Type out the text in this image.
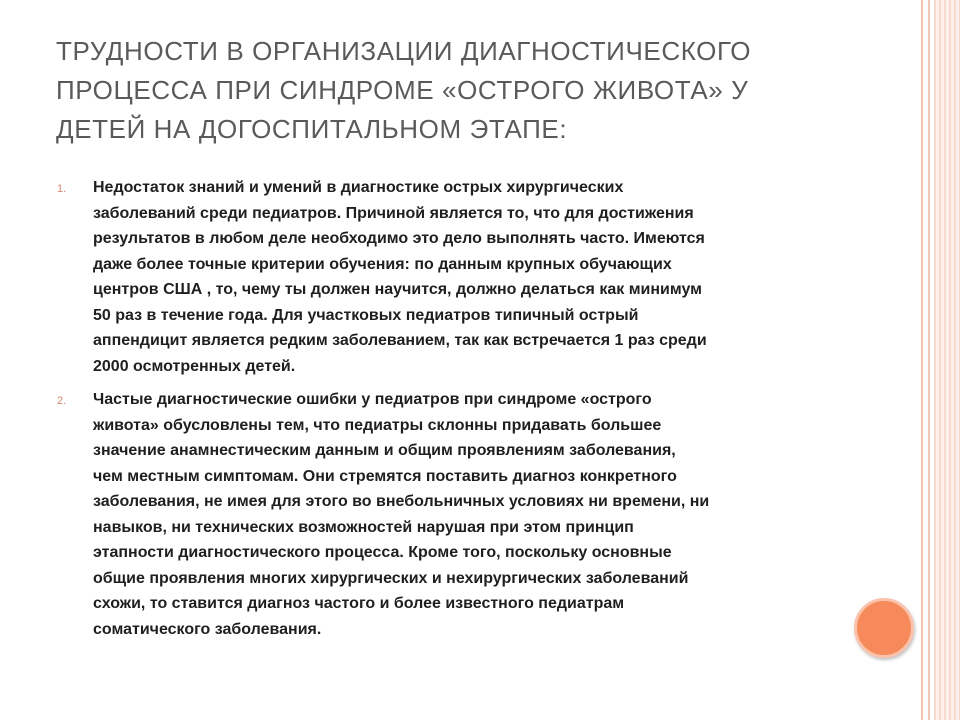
ТРУДНОСТИ В ОРГАНИЗАЦИИ ДИАГНОСТИЧЕСКОГО
ПРОЦЕССА ПРИ СИНДРОМЕ «ОСТРОГО ЖИВОТА» У
ДЕТЕЙ НА ДОГОСПИТАЛЬНОМ ЭТАПЕ:
1. Недостаток знаний и умений в диагностике острых хирургических
заболеваний среди педиатров. Причиной является то, что для достижения
результатов в любом деле необходимо это дело выполнять часто. Имеются
даже более точные критерии обучения: по данным крупных обучающих
центров США , то, чему ты должен научится, должно делаться как минимум
50 раз в течение года. Для участковых педиатров типичный острый
аппендицит является редким заболеванием, так как встречается 1 раз среди
2000 осмотренных детей.
2. Частые диагностические ошибки у педиатров при синдроме «острого
живота» обусловлены тем, что педиатры склонны придавать большее
значение анамнестическим данным и общим проявлениям заболевания,
чем местным симптомам. Они стремятся поставить диагноз конкретного
заболевания, не имея для этого во внебольничных условиях ни времени, ни
навыков, ни технических возможностей нарушая при этом принцип
этапности диагностического процесса. Кроме того, поскольку основные
общие проявления многих хирургических и нехирургических заболеваний
схожи, то ставится диагноз частого и более известного педиатрам
соматического заболевания.
